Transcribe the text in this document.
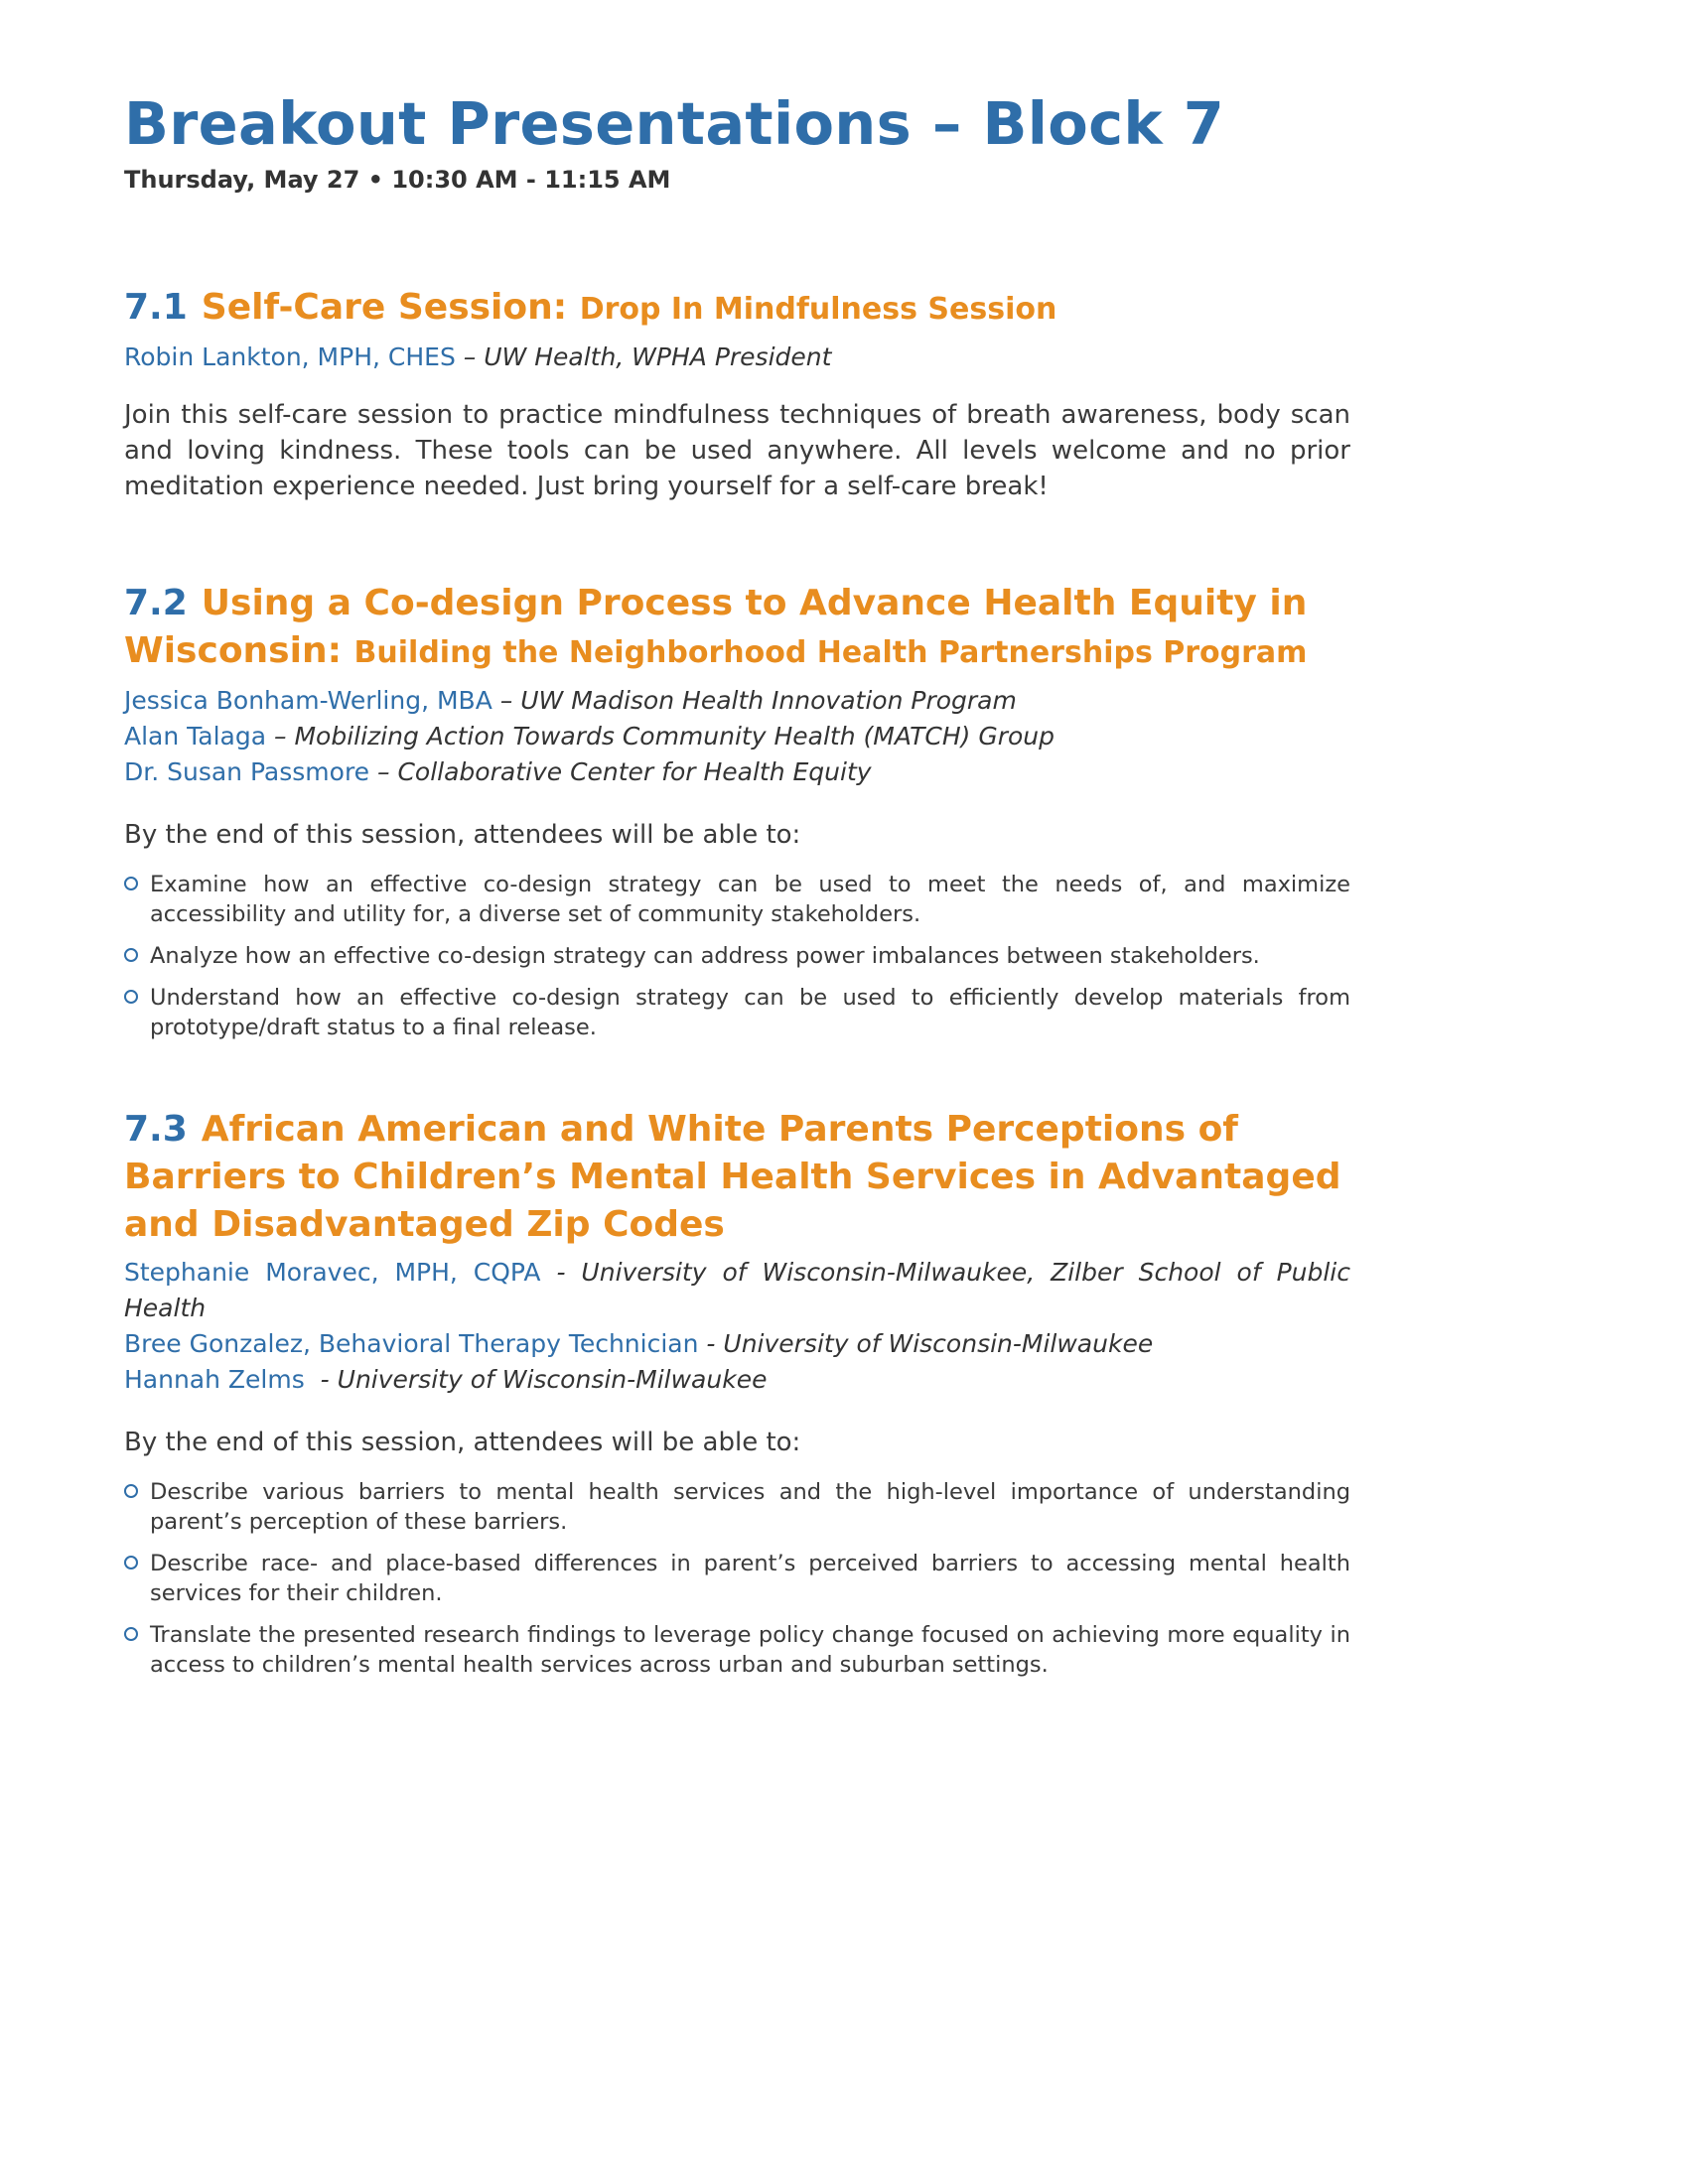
Breakout Presentations – Block 7

Thursday, May 27 • 10:30 AM - 11:15 AM

7.1 Self-Care Session: Drop In Mindfulness Session

Robin Lankton, MPH, CHES – UW Health, WPHA President

Join this self-care session to practice mindfulness techniques of breath awareness, body scan and loving kindness. These tools can be used anywhere. All levels welcome and no prior meditation experience needed. Just bring yourself for a self-care break!

7.2 Using a Co-design Process to Advance Health Equity in Wisconsin: Building the Neighborhood Health Partnerships Program

Jessica Bonham-Werling, MBA – UW Madison Health Innovation Program

Alan Talaga – Mobilizing Action Towards Community Health (MATCH) Group

Dr. Susan Passmore – Collaborative Center for Health Equity

By the end of this session, attendees will be able to:

Examine how an effective co-design strategy can be used to meet the needs of, and maximize accessibility and utility for, a diverse set of community stakeholders.
Analyze how an effective co-design strategy can address power imbalances between stakeholders.
Understand how an effective co-design strategy can be used to efficiently develop materials from prototype/draft status to a final release.
7.3 African American and White Parents Perceptions of Barriers to Children’s Mental Health Services in Advantaged and Disadvantaged Zip Codes

Stephanie Moravec, MPH, CQPA - University of Wisconsin-Milwaukee, Zilber School of Public Health

Bree Gonzalez, Behavioral Therapy Technician - University of Wisconsin-Milwaukee

Hannah Zelms  - University of Wisconsin-Milwaukee

By the end of this session, attendees will be able to:

Describe various barriers to mental health services and the high-level importance of understanding parent’s perception of these barriers.
Describe race- and place-based differences in parent’s perceived barriers to accessing mental health services for their children.
Translate the presented research findings to leverage policy change focused on achieving more equality in access to children’s mental health services across urban and suburban settings.
